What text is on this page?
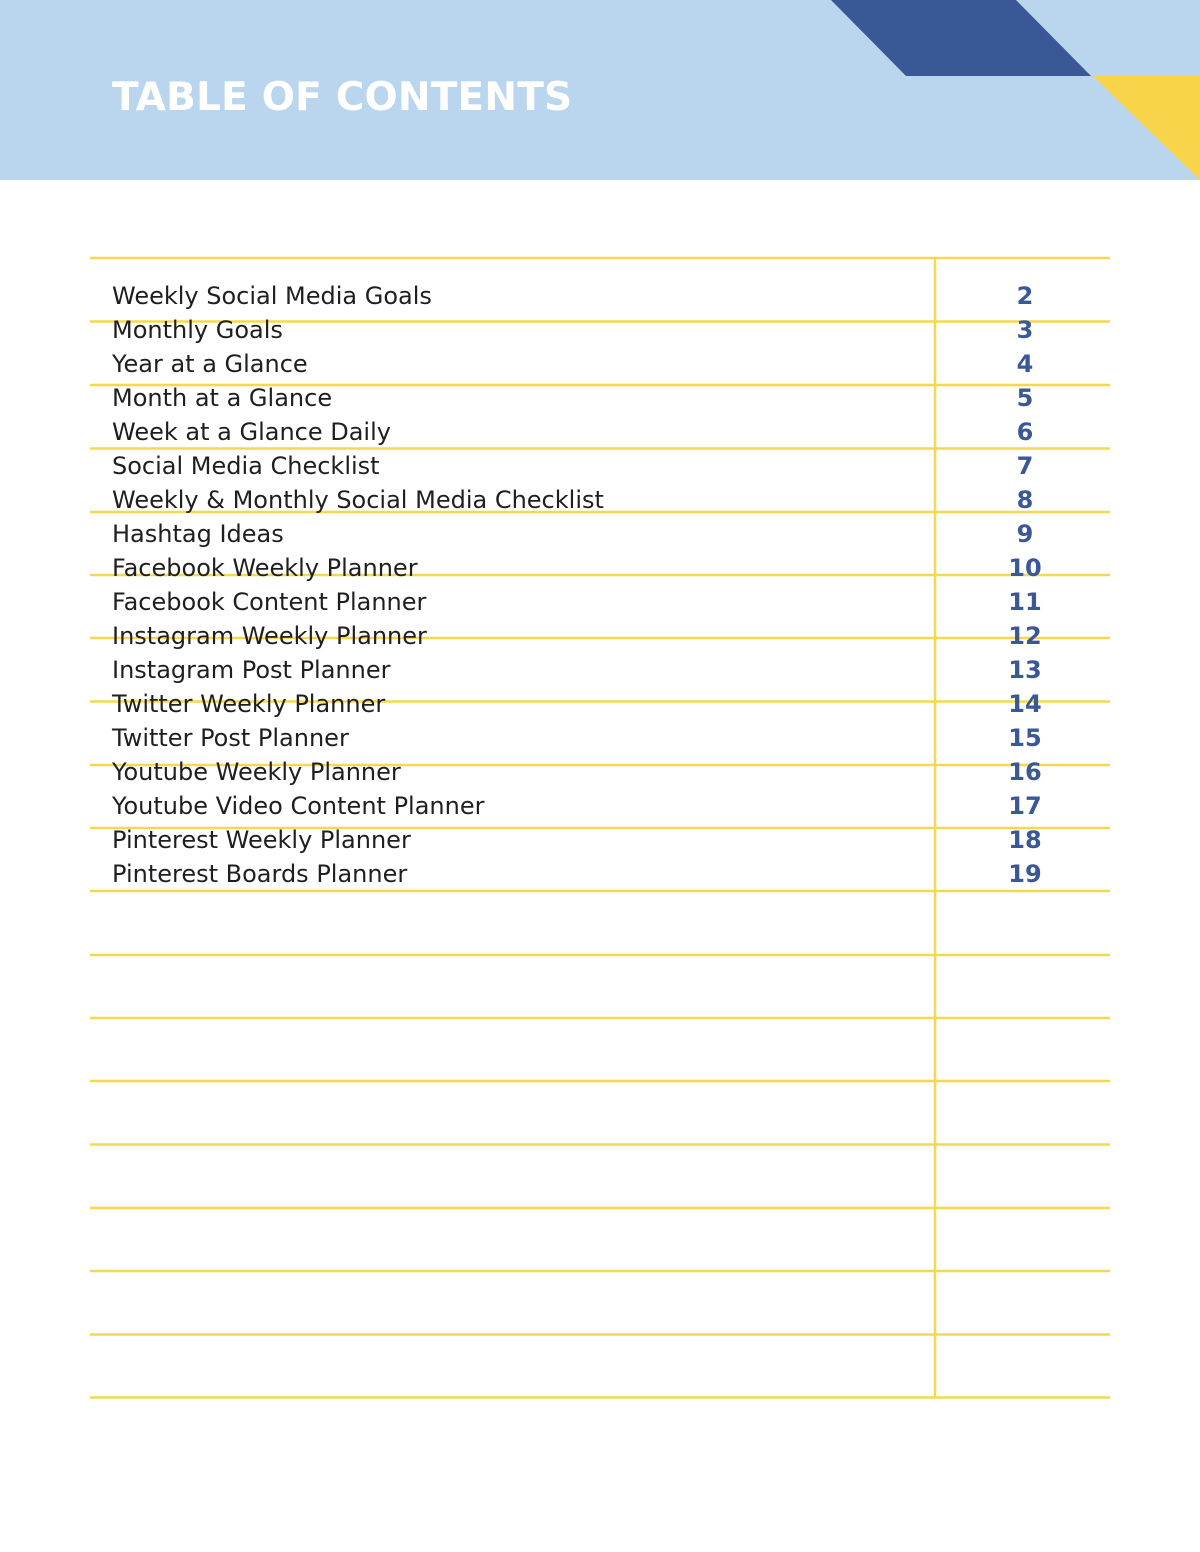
TABLE OF CONTENTS
Weekly Social Media Goals	2
Monthly Goals	3
Year at a Glance	4
Month at a Glance	5
Week at a Glance Daily	6
Social Media Checklist	7
Weekly & Monthly Social Media Checklist	8
Hashtag Ideas	9
Facebook Weekly Planner	10
Facebook Content Planner	11
Instagram Weekly Planner	12
Instagram Post Planner	13
Twitter Weekly Planner	14
Twitter Post Planner	15
Youtube Weekly Planner	16
Youtube Video Content Planner	17
Pinterest Weekly Planner	18
Pinterest Boards Planner	19
